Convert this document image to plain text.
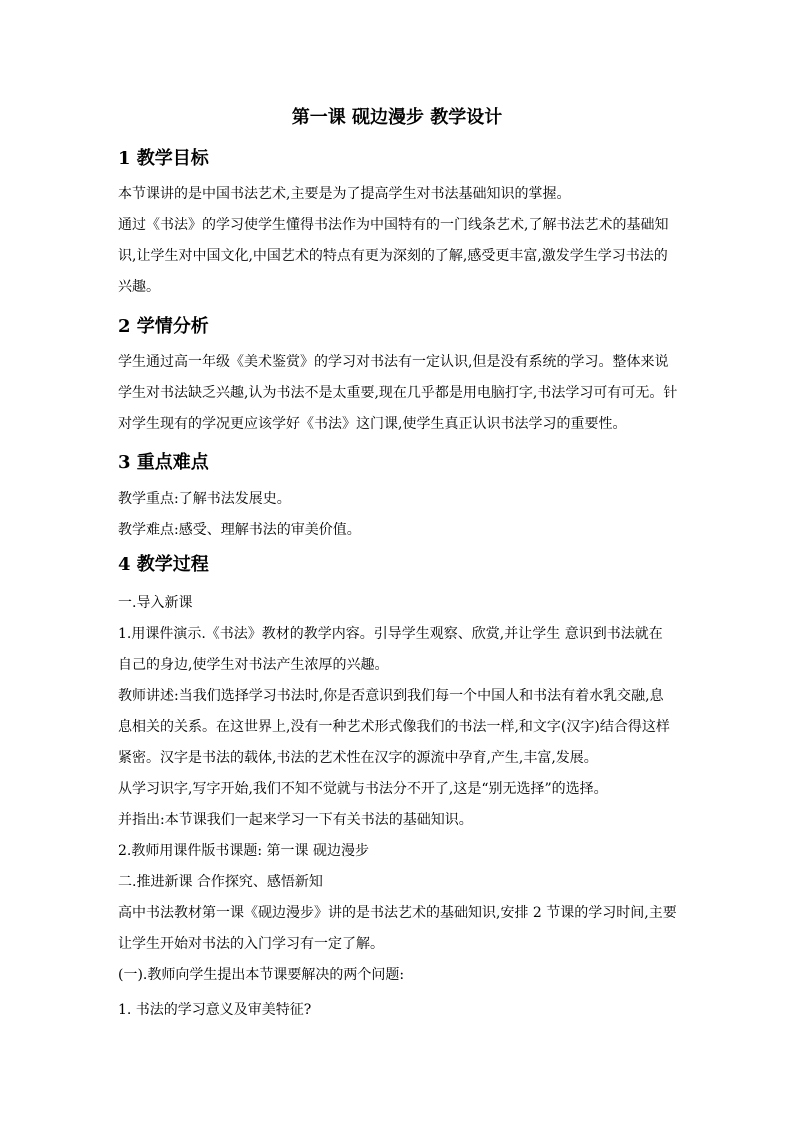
第一课 砚边漫步 教学设计
1 教学目标
本节课讲的是中国书法艺术,主要是为了提高学生对书法基础知识的掌握。
通过《书法》的学习使学生懂得书法作为中国特有的一门线条艺术,了解书法艺术的基础知
识,让学生对中国文化,中国艺术的特点有更为深刻的了解,感受更丰富,激发学生学习书法的
兴趣。
2 学情分析
学生通过高一年级《美术鉴赏》的学习对书法有一定认识,但是没有系统的学习。整体来说
学生对书法缺乏兴趣,认为书法不是太重要,现在几乎都是用电脑打字,书法学习可有可无。针
对学生现有的学况更应该学好《书法》这门课,使学生真正认识书法学习的重要性。
3 重点难点
教学重点:了解书法发展史。
教学难点:感受、理解书法的审美价值。
4 教学过程
一.导入新课
1.用课件演示.《书法》教材的教学内容。引导学生观察、欣赏,并让学生 意识到书法就在
自己的身边,使学生对书法产生浓厚的兴趣。
教师讲述:当我们选择学习书法时,你是否意识到我们每一个中国人和书法有着水乳交融,息
息相关的关系。在这世界上,没有一种艺术形式像我们的书法一样,和文字(汉字)结合得这样
紧密。汉字是书法的载体,书法的艺术性在汉字的源流中孕育,产生,丰富,发展。
从学习识字,写字开始,我们不知不觉就与书法分不开了,这是“别无选择”的选择。
并指出:本节课我们一起来学习一下有关书法的基础知识。
2.教师用课件版书课题: 第一课 砚边漫步
二.推进新课 合作探究、感悟新知
高中书法教材第一课《砚边漫步》讲的是书法艺术的基础知识,安排 2 节课的学习时间,主要
让学生开始对书法的入门学习有一定了解。
(一).教师向学生提出本节课要解决的两个问题:
1. 书法的学习意义及审美特征?
